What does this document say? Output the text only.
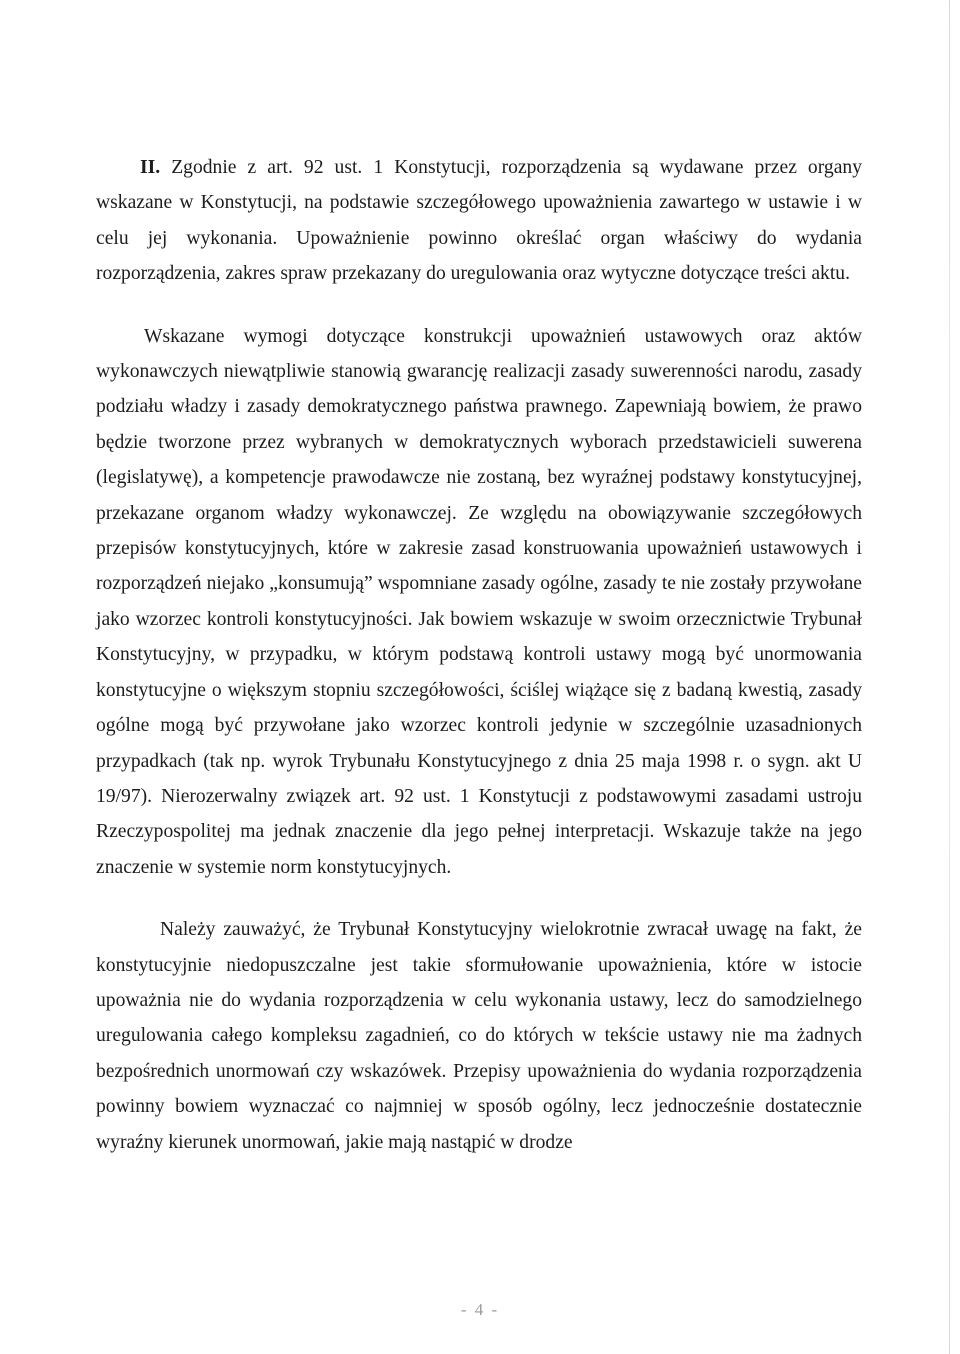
II. Zgodnie z art. 92 ust. 1 Konstytucji, rozporządzenia są wydawane przez organy wskazane w Konstytucji, na podstawie szczegółowego upoważnienia zawartego w ustawie i w celu jej wykonania. Upoważnienie powinno określać organ właściwy do wydania rozporządzenia, zakres spraw przekazany do uregulowania oraz wytyczne dotyczące treści aktu.

Wskazane wymogi dotyczące konstrukcji upoważnień ustawowych oraz aktów wykonawczych niewątpliwie stanowią gwarancję realizacji zasady suwerenności narodu, zasady podziału władzy i zasady demokratycznego państwa prawnego. Zapewniają bowiem, że prawo będzie tworzone przez wybranych w demokratycznych wyborach przedstawicieli suwerena (legislatywę), a kompetencje prawodawcze nie zostaną, bez wyraźnej podstawy konstytucyjnej, przekazane organom władzy wykonawczej. Ze względu na obowiązywanie szczegółowych przepisów konstytucyjnych, które w zakresie zasad konstruowania upoważnień ustawowych i rozporządzeń niejako „konsumują” wspomniane zasady ogólne, zasady te nie zostały przywołane jako wzorzec kontroli konstytucyjności. Jak bowiem wskazuje w swoim orzecznictwie Trybunał Konstytucyjny, w przypadku, w którym podstawą kontroli ustawy mogą być unormowania konstytucyjne o większym stopniu szczegółowości, ściślej wiążące się z badaną kwestią, zasady ogólne mogą być przywołane jako wzorzec kontroli jedynie w szczególnie uzasadnionych przypadkach (tak np. wyrok Trybunału Konstytucyjnego z dnia 25 maja 1998 r. o sygn. akt U 19/97). Nierozerwalny związek art. 92 ust. 1 Konstytucji z podstawowymi zasadami ustroju Rzeczypospolitej ma jednak znaczenie dla jego pełnej interpretacji. Wskazuje także na jego znaczenie w systemie norm konstytucyjnych.

Należy zauważyć, że Trybunał Konstytucyjny wielokrotnie zwracał uwagę na fakt, że konstytucyjnie niedopuszczalne jest takie sformułowanie upoważnienia, które w istocie upoważnia nie do wydania rozporządzenia w celu wykonania ustawy, lecz do samodzielnego uregulowania całego kompleksu zagadnień, co do których w tekście ustawy nie ma żadnych bezpośrednich unormowań czy wskazówek. Przepisy upoważnienia do wydania rozporządzenia powinny bowiem wyznaczać co najmniej w sposób ogólny, lecz jednocześnie dostatecznie wyraźny kierunek unormowań, jakie mają nastąpić w drodze

- 4 -
